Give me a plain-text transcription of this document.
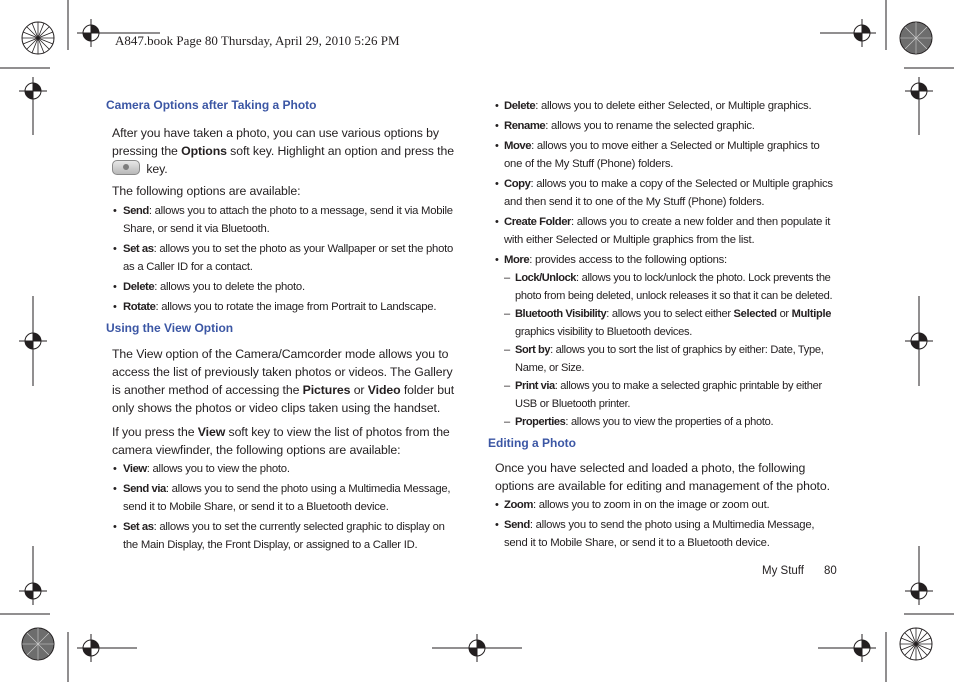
A847.book Page 80 Thursday, April 29, 2010 5:26 PM
Camera Options after Taking a Photo

After you have taken a photo, you can use various options by pressing the Options soft key. Highlight an option and press the
key.

The following options are available:

• Send: allows you to attach the photo to a message, send it via Mobile Share, or send it via Bluetooth.
• Set as: allows you to set the photo as your Wallpaper or set the photo as a Caller ID for a contact.
• Delete: allows you to delete the photo.
• Rotate: allows you to rotate the image from Portrait to Landscape.
Using the View Option

The View option of the Camera/Camcorder mode allows you to access the list of previously taken photos or videos. The Gallery is another method of accessing the Pictures or Video folder but only shows the photos or video clips taken using the handset.

If you press the View soft key to view the list of photos from the camera viewfinder, the following options are available:

• View: allows you to view the photo.
• Send via: allows you to send the photo using a Multimedia Message, send it to Mobile Share, or send it to a Bluetooth device.
• Set as: allows you to set the currently selected graphic to display on the Main Display, the Front Display, or assigned to a Caller ID.
• Delete: allows you to delete either Selected, or Multiple graphics.
• Rename: allows you to rename the selected graphic.
• Move: allows you to move either a Selected or Multiple graphics to one of the My Stuff (Phone) folders.
• Copy: allows you to make a copy of the Selected or Multiple graphics and then send it to one of the My Stuff (Phone) folders.
• Create Folder: allows you to create a new folder and then populate it with either Selected or Multiple graphics from the list.
• More: provides access to the following options:
– Lock/Unlock: allows you to lock/unlock the photo. Lock prevents the photo from being deleted, unlock releases it so that it can be deleted.
– Bluetooth Visibility: allows you to select either Selected or Multiple graphics visibility to Bluetooth devices.
– Sort by: allows you to sort the list of graphics by either: Date, Type, Name, or Size.
– Print via: allows you to make a selected graphic printable by either USB or Bluetooth printer.
– Properties: allows you to view the properties of a photo.
Editing a Photo

Once you have selected and loaded a photo, the following options are available for editing and management of the photo.

• Zoom: allows you to zoom in on the image or zoom out.
• Send: allows you to send the photo using a Multimedia Message, send it to Mobile Share, or send it to a Bluetooth device.
My Stuff 80
